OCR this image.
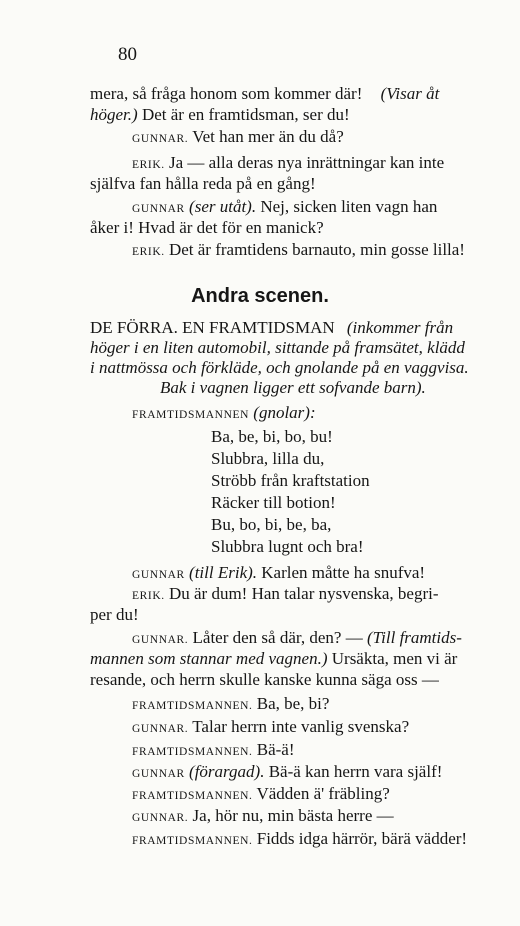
80
mera, så fråga honom som kommer där! (Visar åt
höger.) Det är en framtidsman, ser du!
GUNNAR. Vet han mer än du då?
ERIK. Ja — alla deras nya inrättningar kan inte
själfva fan hålla reda på en gång!
GUNNAR (ser utåt). Nej, sicken liten vagn han
åker i! Hvad är det för en manick?
ERIK. Det är framtidens barnauto, min gosse lilla!
Andra scenen.
DE FÖRRA. EN FRAMTIDSMAN (inkommer från
höger i en liten automobil, sittande på framsätet, klädd
i nattmössa och förkläde, och gnolande på en vaggvisa.
Bak i vagnen ligger ett sofvande barn).
FRAMTIDSMANNEN (gnolar):
Ba, be, bi, bo, bu!
Slubbra, lilla du,
Ströbb från kraftstation
Räcker till botion!
Bu, bo, bi, be, ba,
Slubbra lugnt och bra!
GUNNAR (till Erik). Karlen måtte ha snufva!
ERIK. Du är dum! Han talar nysvenska, begri-
per du!
GUNNAR. Låter den så där, den? — (Till framtids-
mannen som stannar med vagnen.) Ursäkta, men vi är
resande, och herrn skulle kanske kunna säga oss —
FRAMTIDSMANNEN. Ba, be, bi?
GUNNAR. Talar herrn inte vanlig svenska?
FRAMTIDSMANNEN. Bä-ä!
GUNNAR (förargad). Bä-ä kan herrn vara själf!
FRAMTIDSMANNEN. Vädden ä' fräbling?
GUNNAR. Ja, hör nu, min bästa herre —
FRAMTIDSMANNEN. Fidds idga härrör, bärä vädder!
